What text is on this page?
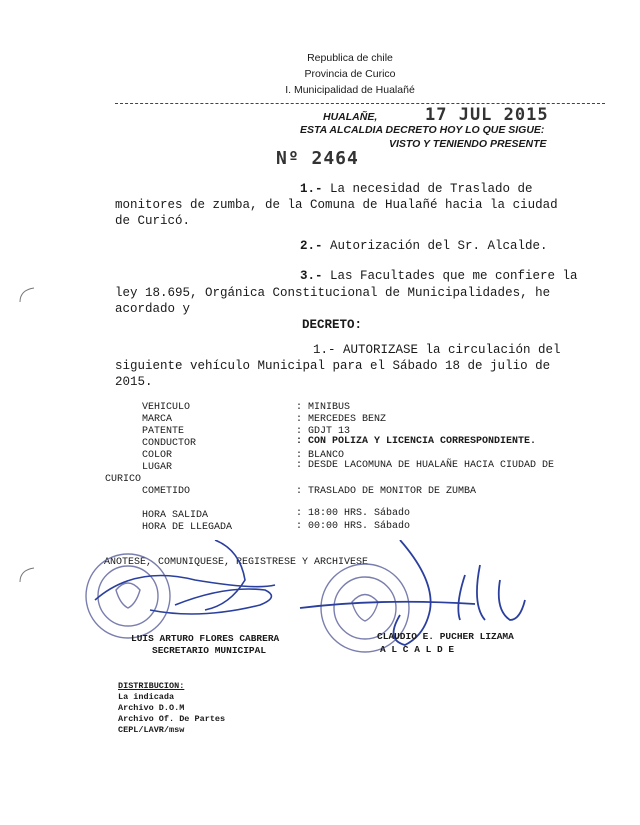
Republica de chile
Provincia de Curico
I. Municipalidad de Hualañé
HUALAÑE,	17 JUL 2015
ESTA ALCALDIA DECRETO HOY LO QUE SIGUE:
VISTO Y TENIENDO PRESENTE
Nº 2464
1.- La necesidad de Traslado de
monitores de zumba, de la Comuna de Hualañé hacia la ciudad
de Curicó.
2.- Autorización del Sr. Alcalde.
3.- Las Facultades que me confiere la
ley 18.695, Orgánica Constitucional de Municipalidades, he
acordado y
DECRETO:
1.- AUTORIZASE la circulación del
siguiente vehículo Municipal para el Sábado 18 de julio de
2015.
VEHICULO	: MINIBUS
MARCA	: MERCEDES BENZ
PATENTE	: GDJT 13
CONDUCTOR	: CON POLIZA Y LICENCIA CORRESPONDIENTE.
COLOR	: BLANCO
LUGAR	: DESDE LACOMUNA DE HUALAÑE HACIA CIUDAD DE
CURICO
COMETIDO	: TRASLADO DE MONITOR DE ZUMBA
HORA SALIDA	: 18:00 HRS. Sábado
HORA DE LLEGADA	: 00:00 HRS. Sábado
ANOTESE, COMUNIQUESE, REGISTRESE Y ARCHIVESE
LUIS ARTURO FLORES CABRERA
SECRETARIO MUNICIPAL
CLAUDIO E. PUCHER LIZAMA
A L C A L D E
DISTRIBUCION:
La indicada
Archivo D.O.M
Archivo Of. De Partes
CEPL/LAVR/msw
